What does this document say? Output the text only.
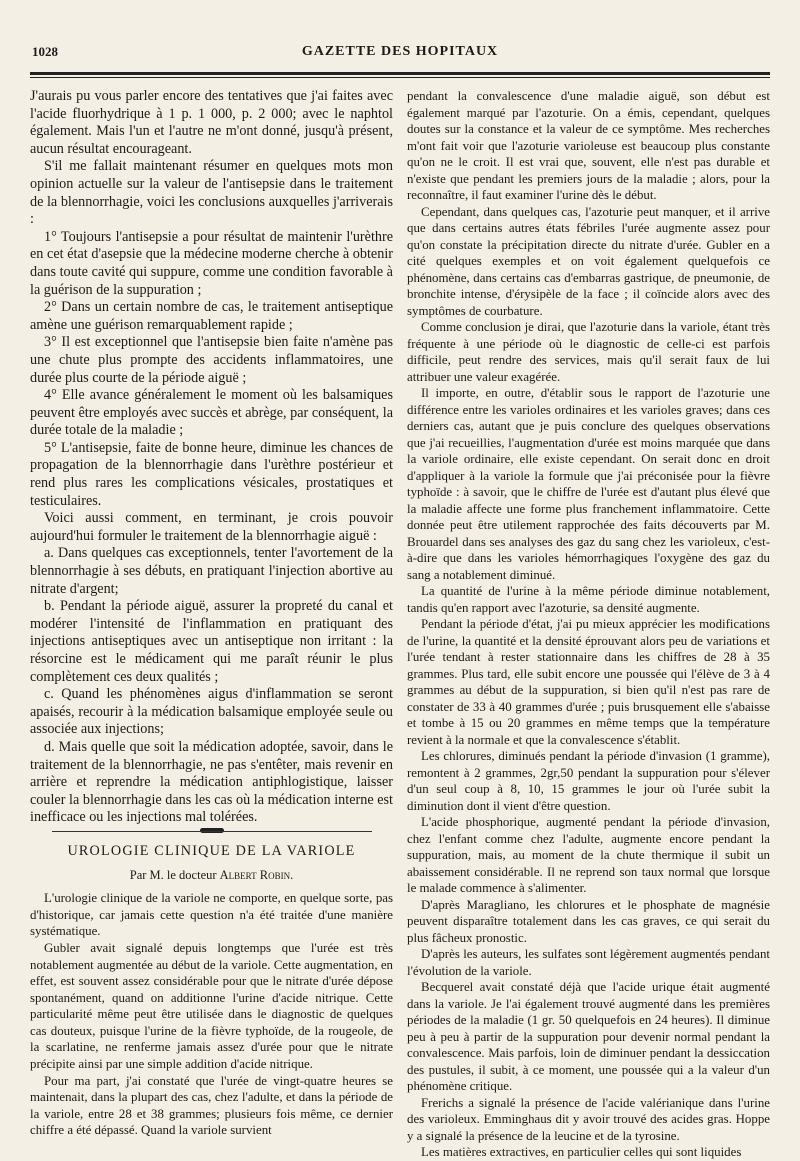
1028	GAZETTE DES HOPITAUX

J'aurais pu vous parler encore des tentatives que j'ai faites avec l'acide fluorhydrique à 1 p. 1 000, p. 2 000; avec le naphtol également. Mais l'un et l'autre ne m'ont donné, jusqu'à présent, aucun résultat encourageant.

S'il me fallait maintenant résumer en quelques mots mon opinion actuelle sur la valeur de l'antisepsie dans le traitement de la blennorrhagie, voici les conclusions auxquelles j'arriverais :

1° Toujours l'antisepsie a pour résultat de maintenir l'urèthre en cet état d'asepsie que la médecine moderne cherche à obtenir dans toute cavité qui suppure, comme une condition favorable à la guérison de la suppuration ;

2° Dans un certain nombre de cas, le traitement antiseptique amène une guérison remarquablement rapide ;

3° Il est exceptionnel que l'antisepsie bien faite n'amène pas une chute plus prompte des accidents inflammatoires, une durée plus courte de la période aiguë ;

4° Elle avance généralement le moment où les balsamiques peuvent être employés avec succès et abrège, par conséquent, la durée totale de la maladie ;

5° L'antisepsie, faite de bonne heure, diminue les chances de propagation de la blennorrhagie dans l'urèthre postérieur et rend plus rares les complications vésicales, prostatiques et testiculaires.

Voici aussi comment, en terminant, je crois pouvoir aujourd'hui formuler le traitement de la blennorrhagie aiguë :

a. Dans quelques cas exceptionnels, tenter l'avortement de la blennorrhagie à ses débuts, en pratiquant l'injection abortive au nitrate d'argent;

b. Pendant la période aiguë, assurer la propreté du canal et modérer l'intensité de l'inflammation en pratiquant des injections antiseptiques avec un antiseptique non irritant : la résorcine est le médicament qui me paraît réunir le plus complètement ces deux qualités ;

c. Quand les phénomènes aigus d'inflammation se seront apaisés, recourir à la médication balsamique employée seule ou associée aux injections;

d. Mais quelle que soit la médication adoptée, savoir, dans le traitement de la blennorrhagie, ne pas s'entêter, mais revenir en arrière et reprendre la médication antiphlogistique, laisser couler la blennorrhagie dans les cas où la médication interne est inefficace ou les injections mal tolérées.

UROLOGIE CLINIQUE DE LA VARIOLE
Par M. le docteur Albert Robin.

L'urologie clinique de la variole ne comporte, en quelque sorte, pas d'historique, car jamais cette question n'a été traitée d'une manière systématique.

Gubler avait signalé depuis longtemps que l'urée est très notablement augmentée au début de la variole. Cette augmentation, en effet, est souvent assez considérable pour que le nitrate d'urée dépose spontanément, quand on additionne l'urine d'acide nitrique. Cette particularité même peut être utilisée dans le diagnostic de quelques cas douteux, puisque l'urine de la fièvre typhoïde, de la rougeole, de la scarlatine, ne renferme jamais assez d'urée pour que le nitrate précipite ainsi par une simple addition d'acide nitrique.

Pour ma part, j'ai constaté que l'urée de vingt-quatre heures se maintenait, dans la plupart des cas, chez l'adulte, et dans la période de la variole, entre 28 et 38 grammes; plusieurs fois même, ce dernier chiffre a été dépassé. Quand la variole survient

pendant la convalescence d'une maladie aiguë, son début est également marqué par l'azoturie. On a émis, cependant, quelques doutes sur la constance et la valeur de ce symptôme. Mes recherches m'ont fait voir que l'azoturie varioleuse est beaucoup plus constante qu'on ne le croit. Il est vrai que, souvent, elle n'est pas durable et n'existe que pendant les premiers jours de la maladie ; alors, pour la reconnaître, il faut examiner l'urine dès le début.

Cependant, dans quelques cas, l'azoturie peut manquer, et il arrive que dans certains autres états fébriles l'urée augmente assez pour qu'on constate la précipitation directe du nitrate d'urée. Gubler en a cité quelques exemples et on voit également quelquefois ce phénomène, dans certains cas d'embarras gastrique, de pneumonie, de bronchite intense, d'érysipèle de la face ; il coïncide alors avec des symptômes de courbature.

Comme conclusion je dirai, que l'azoturie dans la variole, étant très fréquente à une période où le diagnostic de celle-ci est parfois difficile, peut rendre des services, mais qu'il serait faux de lui attribuer une valeur exagérée.

Il importe, en outre, d'établir sous le rapport de l'azoturie une différence entre les varioles ordinaires et les varioles graves; dans ces derniers cas, autant que je puis conclure des quelques observations que j'ai recueillies, l'augmentation d'urée est moins marquée que dans la variole ordinaire, elle existe cependant. On serait donc en droit d'appliquer à la variole la formule que j'ai préconisée pour la fièvre typhoïde : à savoir, que le chiffre de l'urée est d'autant plus élevé que la maladie affecte une forme plus franchement inflammatoire. Cette donnée peut être utilement rapprochée des faits découverts par M. Brouardel dans ses analyses des gaz du sang chez les varioleux, c'est-à-dire que dans les varioles hémorrhagiques l'oxygène des gaz du sang a notablement diminué.

La quantité de l'urine à la même période diminue notablement, tandis qu'en rapport avec l'azoturie, sa densité augmente.

Pendant la période d'état, j'ai pu mieux apprécier les modifications de l'urine, la quantité et la densité éprouvant alors peu de variations et l'urée tendant à rester stationnaire dans les chiffres de 28 à 35 grammes. Plus tard, elle subit encore une poussée qui l'élève de 3 à 4 grammes au début de la suppuration, si bien qu'il n'est pas rare de constater de 33 à 40 grammes d'urée ; puis brusquement elle s'abaisse et tombe à 15 ou 20 grammes en même temps que la température revient à la normale et que la convalescence s'établit.

Les chlorures, diminués pendant la période d'invasion (1 gramme), remontent à 2 grammes, 2gr,50 pendant la suppuration pour s'élever d'un seul coup à 8, 10, 15 grammes le jour où l'urée subit la diminution dont il vient d'être question.

L'acide phosphorique, augmenté pendant la période d'invasion, chez l'enfant comme chez l'adulte, augmente encore pendant la suppuration, mais, au moment de la chute thermique il subit un abaissement considérable. Il ne reprend son taux normal que lorsque le malade commence à s'alimenter.

D'après Maragliano, les chlorures et le phosphate de magnésie peuvent disparaître totalement dans les cas graves, ce qui serait du plus fâcheux pronostic.

D'après les auteurs, les sulfates sont légèrement augmentés pendant l'évolution de la variole.

Becquerel avait constaté déjà que l'acide urique était augmenté dans la variole. Je l'ai également trouvé augmenté dans les premières périodes de la maladie (1 gr. 50 quelquefois en 24 heures). Il diminue peu à peu à partir de la suppuration pour devenir normal pendant la convalescence. Mais parfois, loin de diminuer pendant la dessiccation des pustules, il subit, à ce moment, une poussée qui a la valeur d'un phénomène critique.

Frerichs a signalé la présence de l'acide valérianique dans l'urine des varioleux. Emminghaus dit y avoir trouvé des acides gras. Hoppe y a signalé la présence de la leucine et de la tyrosine.

Les matières extractives, en particulier celles qui sont liquides
